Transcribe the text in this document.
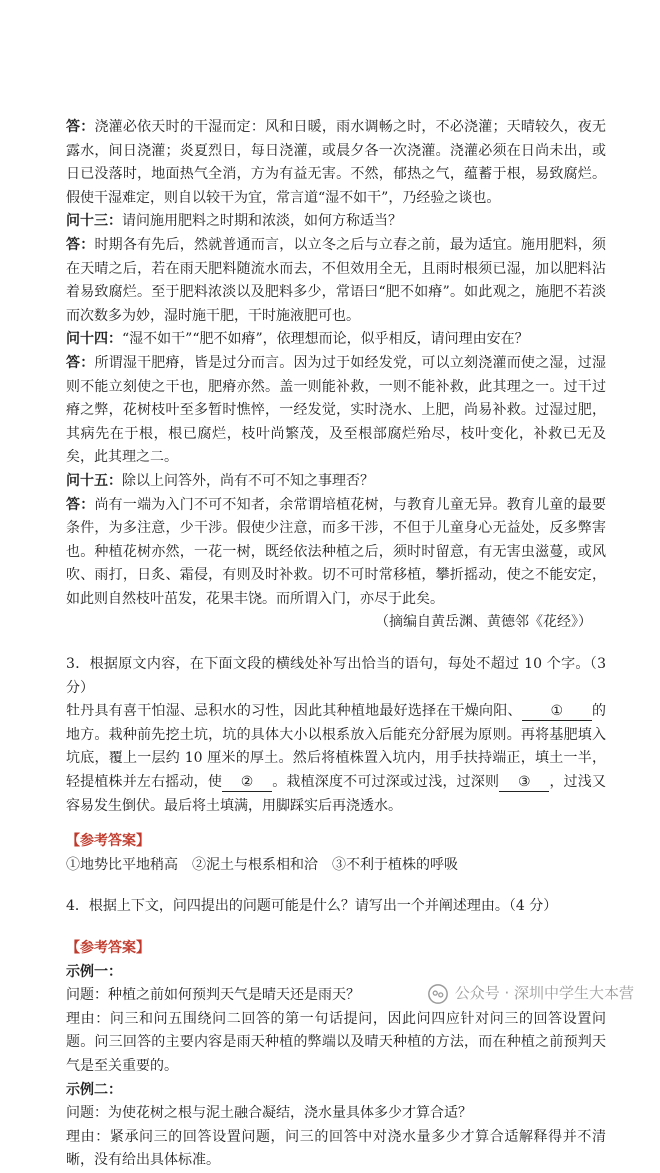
答：浇灌必依天时的干湿而定：风和日暖，雨水调畅之时，不必浇灌；天晴较久，夜无露水，间日浇灌；炎夏烈日，每日浇灌，或晨夕各一次浇灌。浇灌必须在日尚未出，或日已没落时，地面热气全消，方为有益无害。不然，郁热之气，蕴蓄于根，易致腐烂。假使干湿难定，则自以较干为宜，常言道“湿不如干”，乃经验之谈也。

问十三：请问施用肥料之时期和浓淡，如何方称适当？

答：时期各有先后，然就普通而言，以立冬之后与立春之前，最为适宜。施用肥料，须在天晴之后，若在雨天肥料随流水而去，不但效用全无，且雨时根须已湿，加以肥料沾着易致腐烂。至于肥料浓淡以及肥料多少，常语曰“肥不如瘠”。如此观之，施肥不若淡而次数多为妙，湿时施干肥，干时施液肥可也。

问十四：“湿不如干”“肥不如瘠”，依理想而论，似乎相反，请问理由安在？

答：所谓湿干肥瘠，皆是过分而言。因为过于如经发党，可以立刻浇灌而使之湿，过湿则不能立刻使之干也，肥瘠亦然。盖一则能补救，一则不能补救，此其理之一。过干过瘠之弊，花树枝叶至多暂时憔悴，一经发觉，实时浇水、上肥，尚易补救。过湿过肥，其病先在于根，根已腐烂，枝叶尚繁茂，及至根部腐烂殆尽，枝叶变化，补救已无及矣，此其理之二。

问十五：除以上问答外，尚有不可不知之事理否？

答：尚有一端为入门不可不知者，余常谓培植花树，与教育儿童无异。教育儿童的最要条件，为多注意，少干涉。假使少注意，而多干涉，不但于儿童身心无益处，反多弊害也。种植花树亦然，一花一树，既经依法种植之后，须时时留意，有无害虫滋蔓，或风吹、雨打，日炙、霜侵，有则及时补救。切不可时常移植，攀折摇动，使之不能安定，如此则自然枝叶茁发，花果丰饶。而所谓入门，亦尽于此矣。

（摘编自黄岳渊、黄德邻《花经》）

3．根据原文内容，在下面文段的横线处补写出恰当的语句，每处不超过 10 个字。（3 分）

牡丹具有喜干怕湿、忌积水的习性，因此其种植地最好选择在干燥向阳、 ① 的地方。栽种前先挖土坑，坑的具体大小以根系放入后能充分舒展为原则。再将基肥填入坑底，覆上一层约 10 厘米的厚土。然后将植株置入坑内，用手扶持端正，填土一半，轻提植株并左右摇动，使 ② 。栽植深度不可过深或过浅，过深则 ③ ，过浅又容易发生倒伏。最后将土填满，用脚踩实后再浇透水。

【参考答案】

①地势比平地稍高　②泥土与根系相和洽　③不利于植株的呼吸

4．根据上下文，问四提出的问题可能是什么？请写出一个并阐述理由。（4 分）

【参考答案】

示例一：

问题：种植之前如何预判天气是晴天还是雨天？

理由：问三和问五围绕问二回答的第一句话提问，因此问四应针对问三的回答设置问题。问三回答的主要内容是雨天种植的弊端以及晴天种植的方法，而在种植之前预判天气是至关重要的。

示例二：

问题：为使花树之根与泥土融合凝结，浇水量具体多少才算合适？

理由：紧承问三的回答设置问题，问三的回答中对浇水量多少才算合适解释得并不清晰，没有给出具体标准。

公众号 · 深圳中学生大本营
